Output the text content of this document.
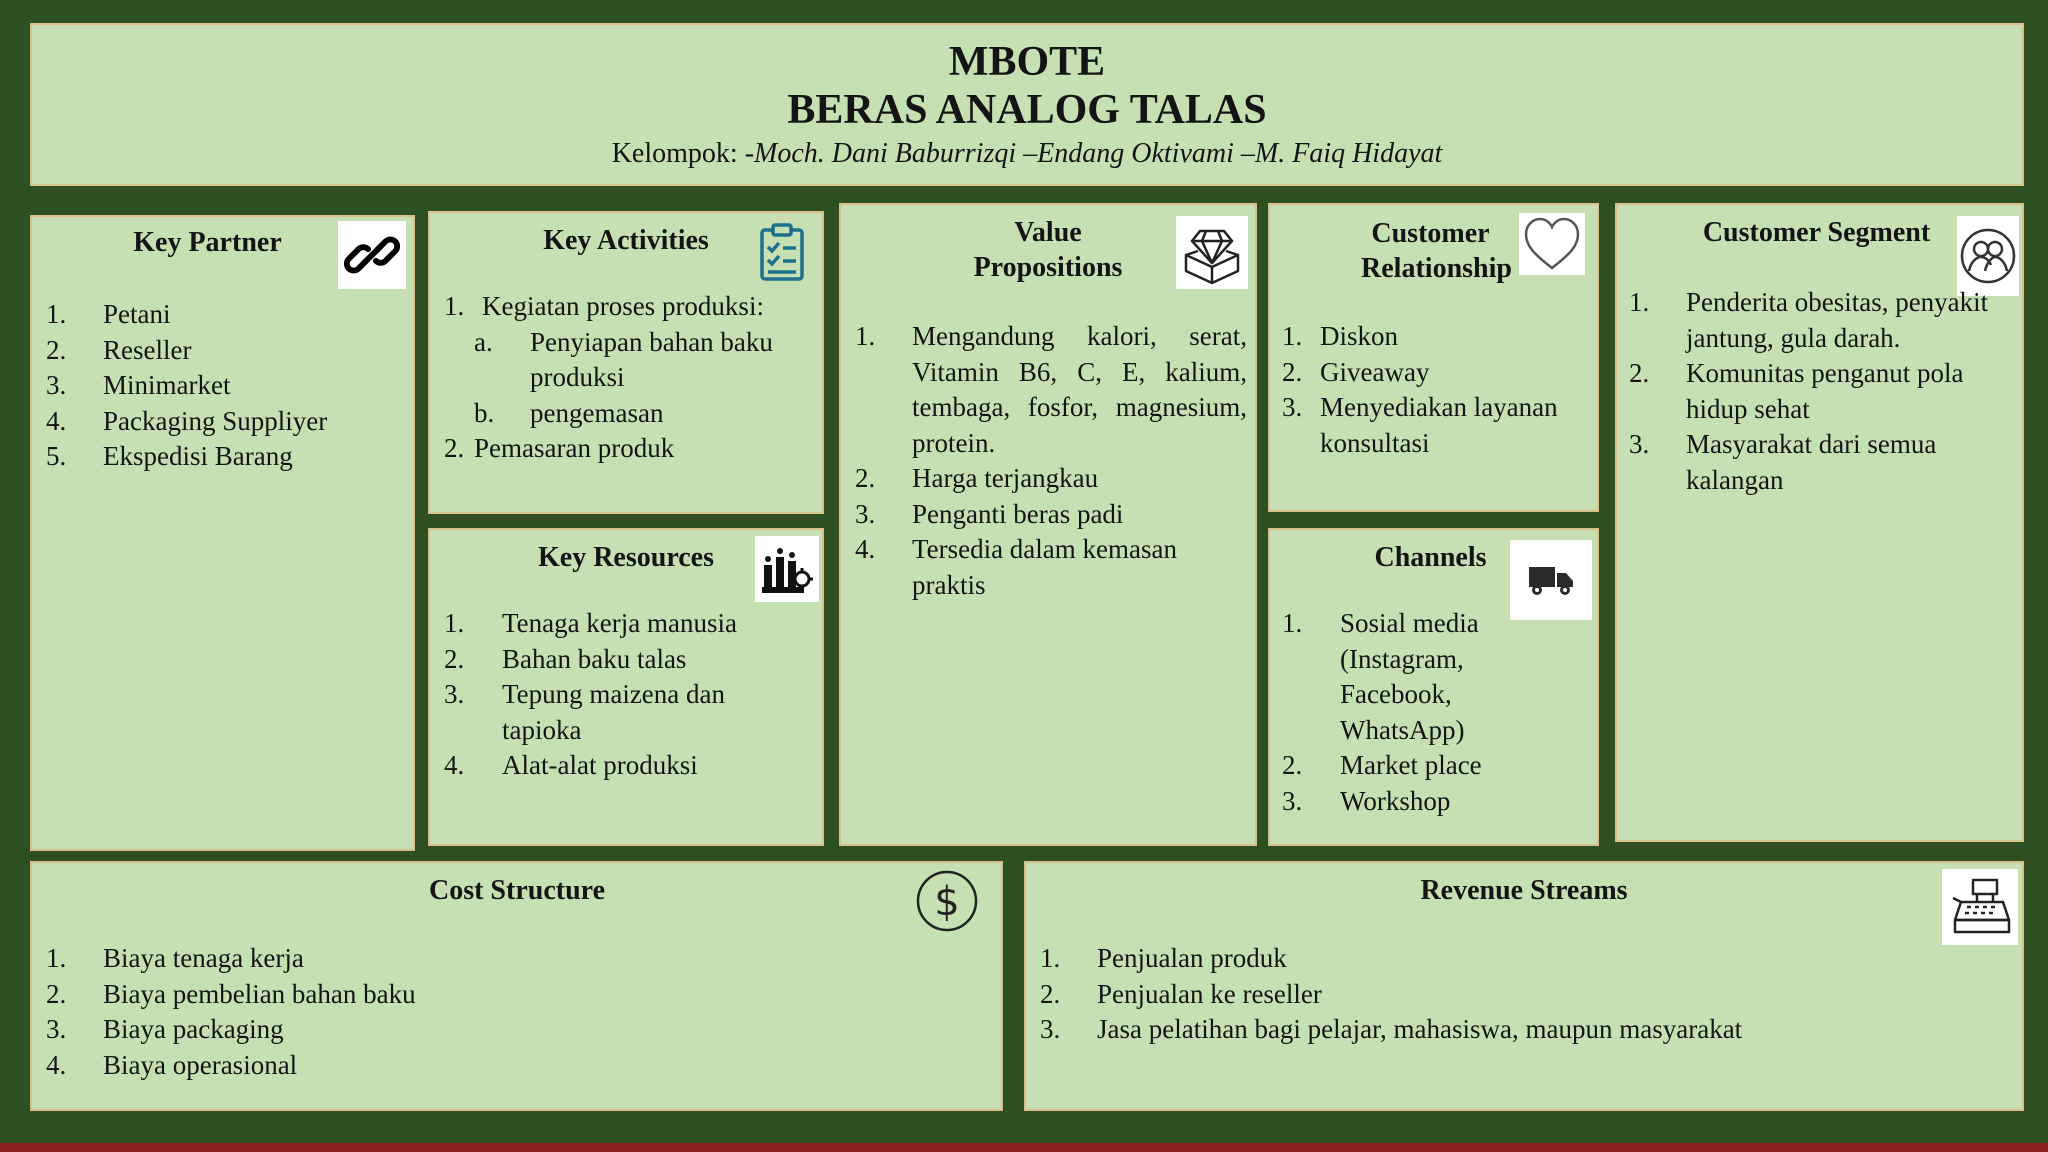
MBOTE
BERAS ANALOG TALAS
Kelompok: -Moch. Dani Baburrizqi –Endang Oktivami –M. Faiq Hidayat
Key Partner
1.	Petani
2.	Reseller
3.	Minimarket
4.	Packaging Suppliyer
5.	Ekspedisi Barang
Key Activities
1. Kegiatan proses produksi:
a.	Penyiapan bahan baku produksi
b.	pengemasan
2. Pemasaran produk
Key Resources
1.	Tenaga kerja manusia
2.	Bahan baku talas
3.	Tepung maizena dan tapioka
4.	Alat-alat produksi
Value
Propositions
1.	Mengandung kalori, serat, Vitamin B6, C, E, kalium, tembaga, fosfor, magnesium, protein.
2.	Harga terjangkau
3.	Penganti beras padi
4.	Tersedia dalam kemasan praktis
Customer
Relationship
1. Diskon
2. Giveaway
3. Menyediakan layanan konsultasi
Channels
1.	Sosial media (Instagram, Facebook, WhatsApp)
2.	Market place
3.	Workshop
Customer Segment
1.	Penderita obesitas, penyakit jantung, gula darah.
2.	Komunitas penganut pola hidup sehat
3.	Masyarakat dari semua kalangan
Cost Structure	$
1.	Biaya tenaga kerja
2.	Biaya pembelian bahan baku
3.	Biaya packaging
4.	Biaya operasional
Revenue Streams
1.	Penjualan produk
2.	Penjualan ke reseller
3.	Jasa pelatihan bagi pelajar, mahasiswa, maupun masyarakat
